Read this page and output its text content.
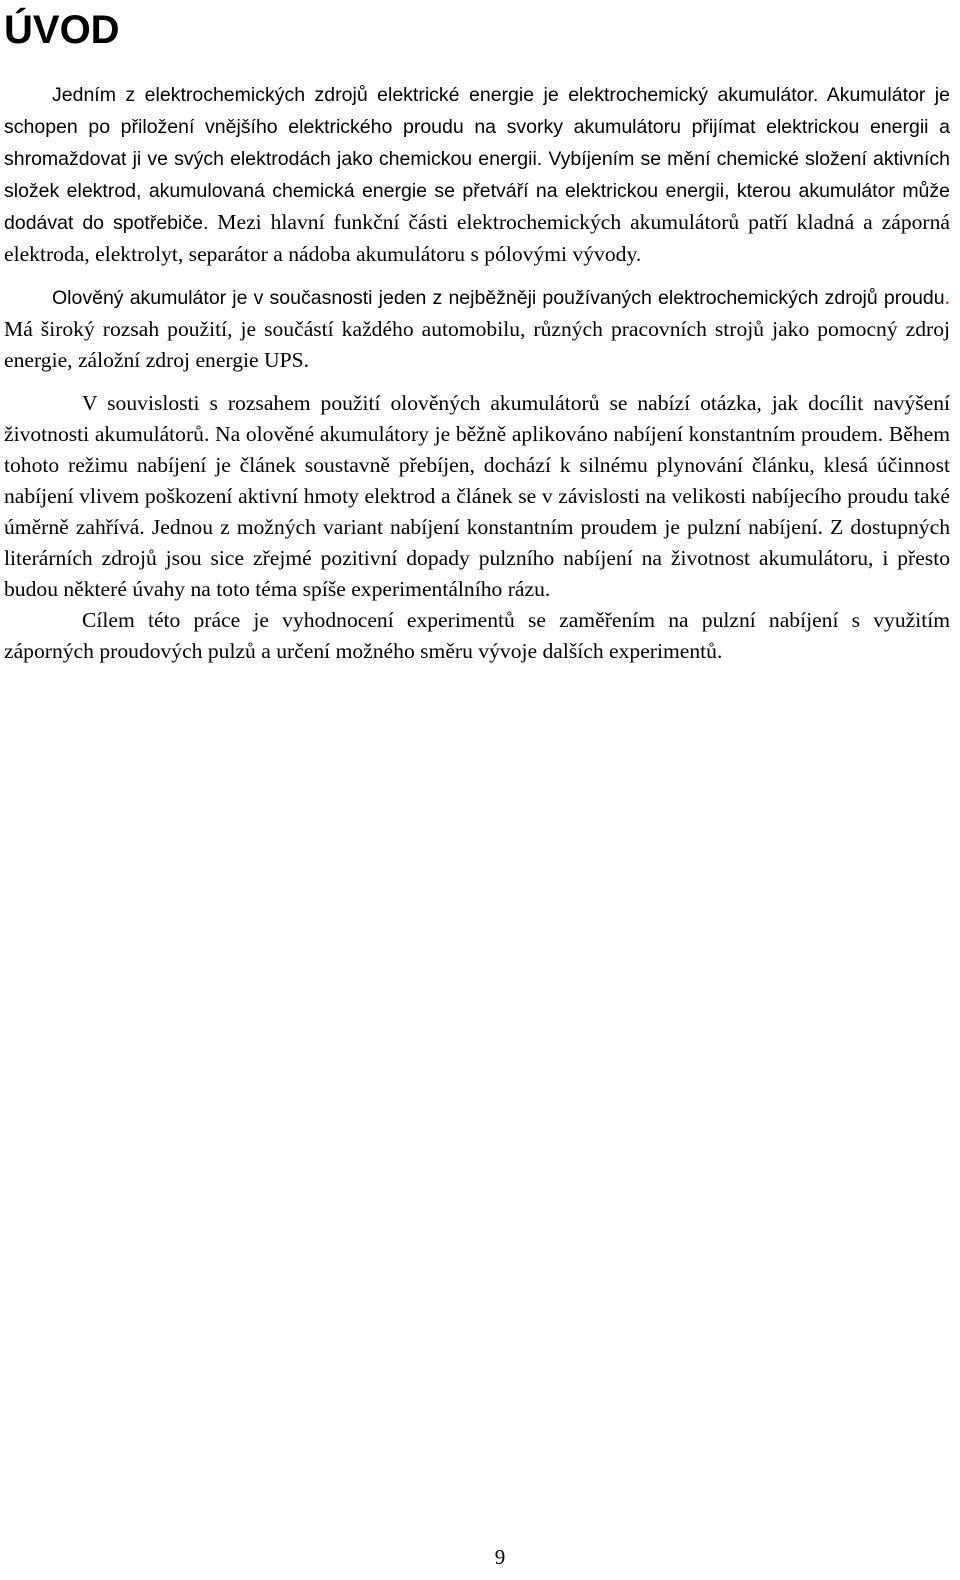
ÚVOD

Jedním z elektrochemických zdrojů elektrické energie je elektrochemický akumulátor. Akumulátor je schopen po přiložení vnějšího elektrického proudu na svorky akumulátoru přijímat elektrickou energii a shromaždovat ji ve svých elektrodách jako chemickou energii. Vybíjením se mění chemické složení aktivních složek elektrod, akumulovaná chemická energie se přetváří na elektrickou energii, kterou akumulátor může dodávat do spotřebiče. Mezi hlavní funkční části elektrochemických akumulátorů patří kladná a záporná elektroda, elektrolyt, separátor a nádoba akumulátoru s pólovými vývody.

Olověný akumulátor je v současnosti jeden z nejběžněji používaných elektrochemických zdrojů proudu. Má široký rozsah použití, je součástí každého automobilu, různých pracovních strojů jako pomocný zdroj energie, záložní zdroj energie UPS.

V souvislosti s rozsahem použití olověných akumulátorů se nabízí otázka, jak docílit navýšení životnosti akumulátorů. Na olověné akumulátory je běžně aplikováno nabíjení konstantním proudem. Během tohoto režimu nabíjení je článek soustavně přebíjen, dochází k silnému plynování článku, klesá účinnost nabíjení vlivem poškození aktivní hmoty elektrod a článek se v závislosti na velikosti nabíjecího proudu také úměrně zahřívá. Jednou z možných variant nabíjení konstantním proudem je pulzní nabíjení. Z dostupných literárních zdrojů jsou sice zřejmé pozitivní dopady pulzního nabíjení na životnost akumulátoru, i přesto budou některé úvahy na toto téma spíše experimentálního rázu.

Cílem této práce je vyhodnocení experimentů se zaměřením na pulzní nabíjení s využitím záporných proudových pulzů a určení možného směru vývoje dalších experimentů.

9
